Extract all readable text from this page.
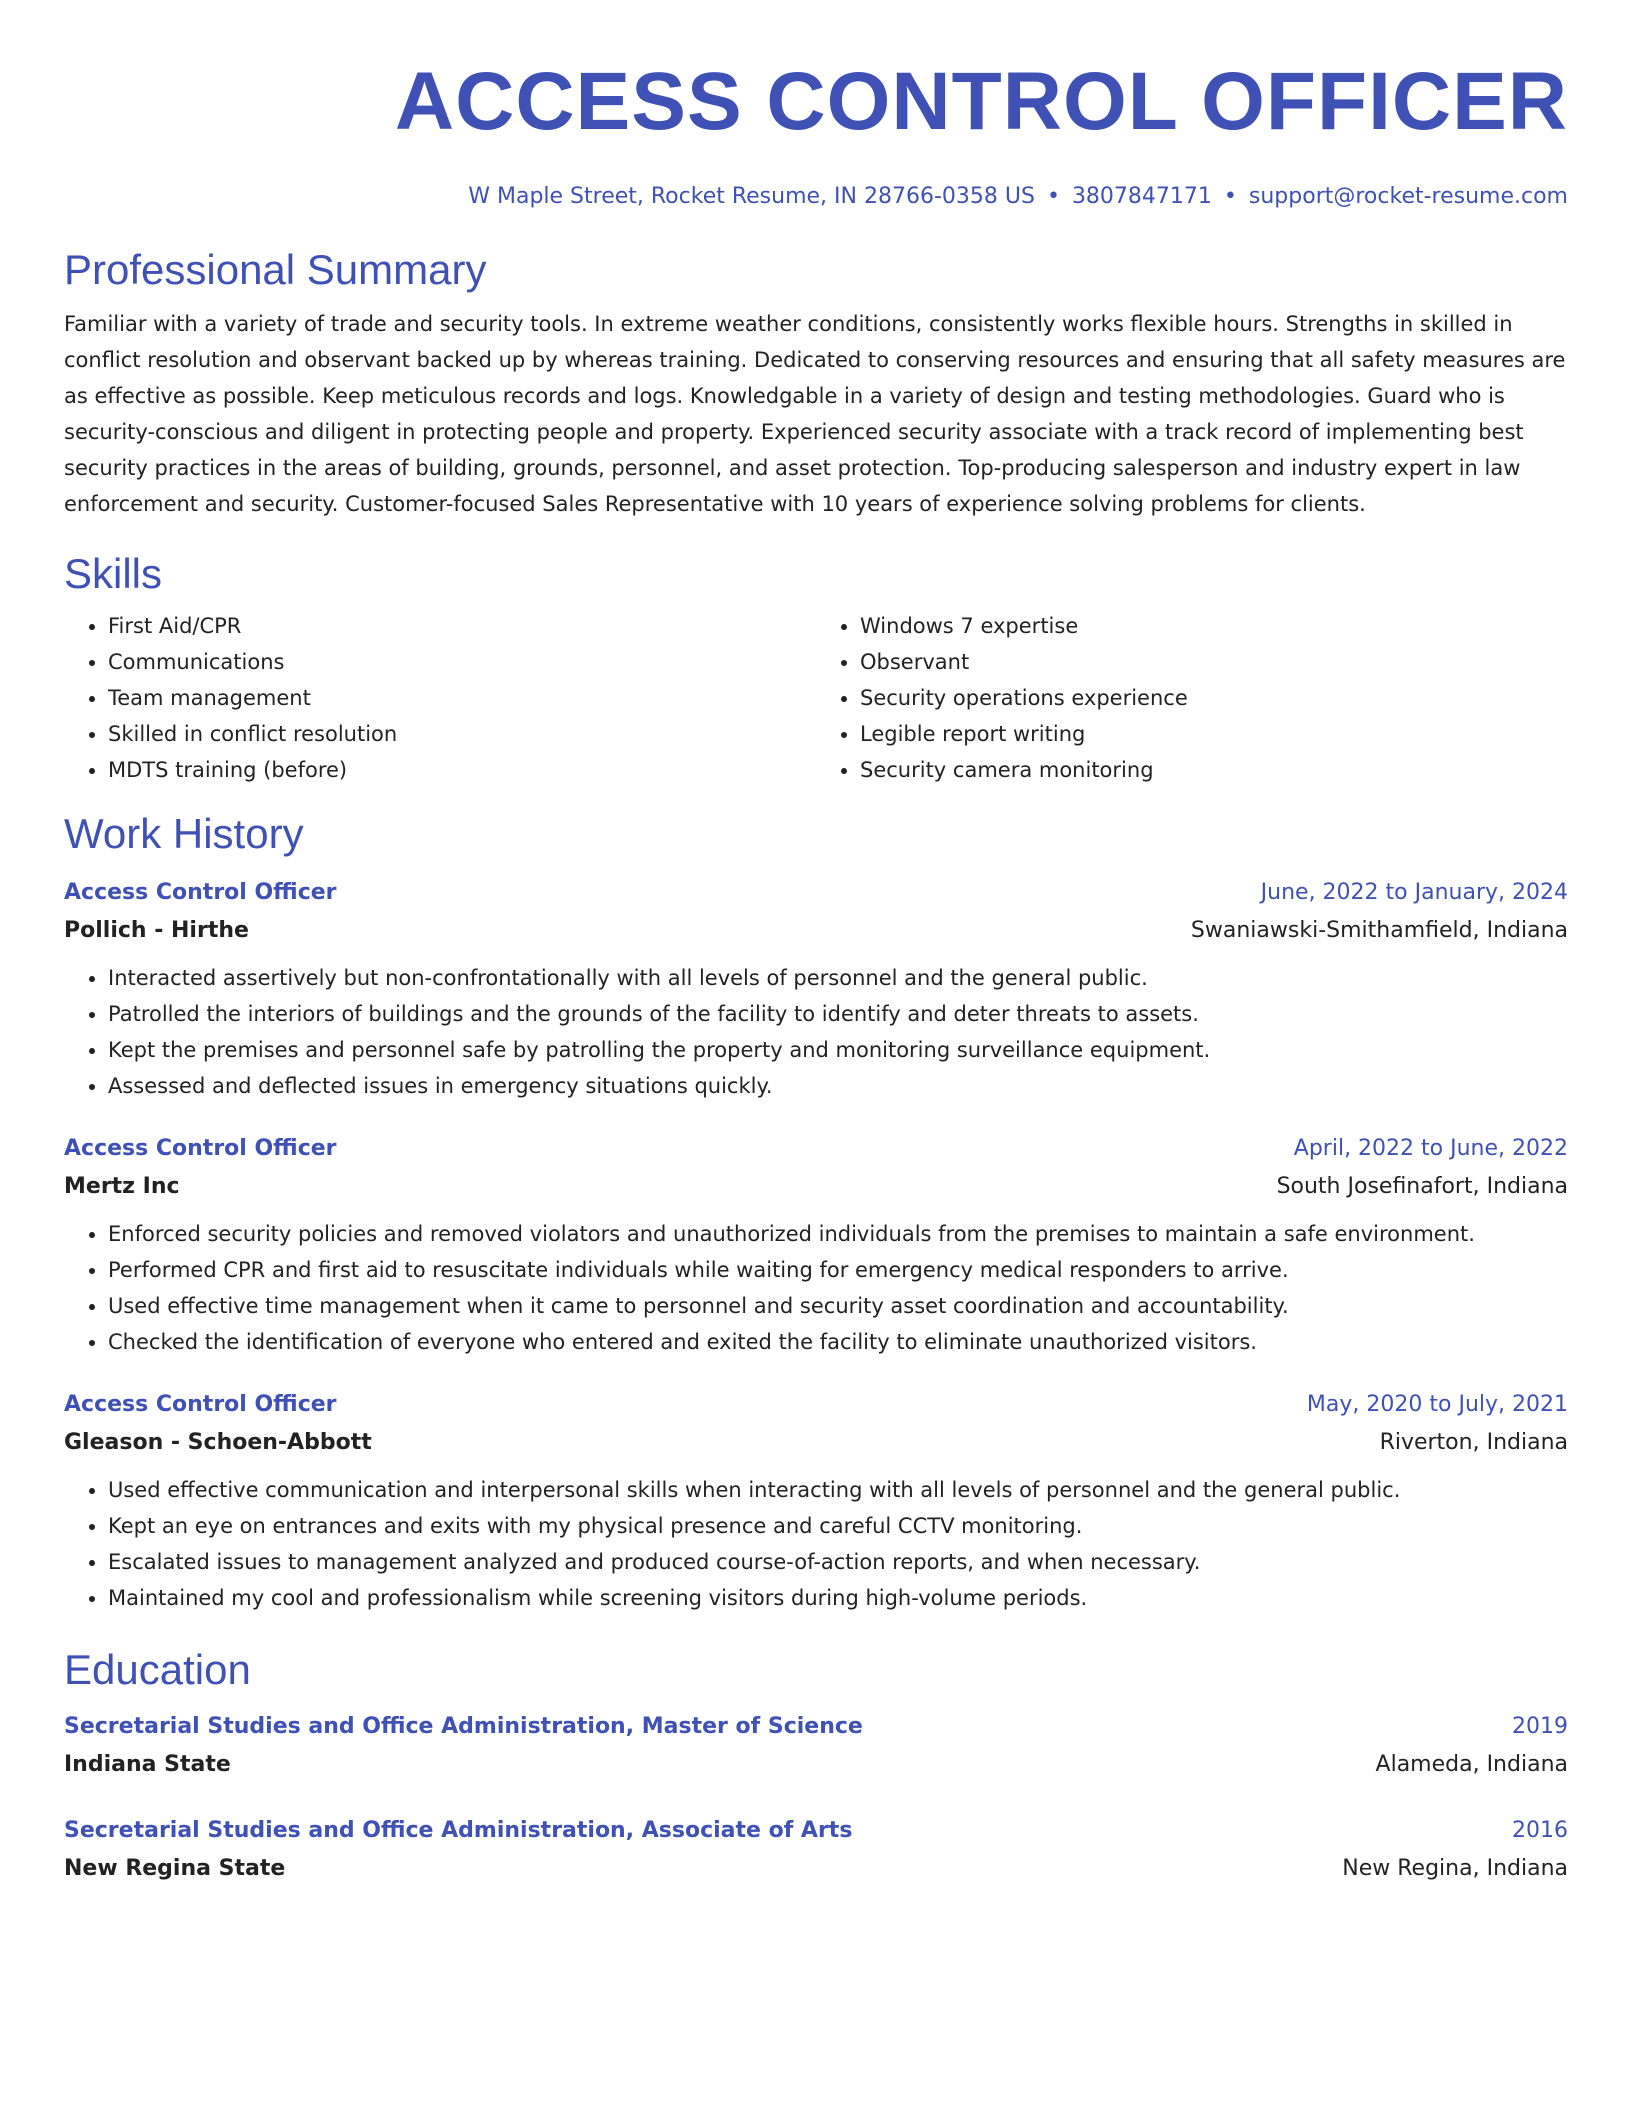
ACCESS CONTROL OFFICER
W Maple Street, Rocket Resume, IN 28766-0358 US • 3807847171 • support@rocket-resume.com
Professional Summary
Familiar with a variety of trade and security tools. In extreme weather conditions, consistently works flexible hours. Strengths in skilled in conflict resolution and observant backed up by whereas training. Dedicated to conserving resources and ensuring that all safety measures are as effective as possible. Keep meticulous records and logs. Knowledgable in a variety of design and testing methodologies. Guard who is security-conscious and diligent in protecting people and property. Experienced security associate with a track record of implementing best security practices in the areas of building, grounds, personnel, and asset protection. Top-producing salesperson and industry expert in law enforcement and security. Customer-focused Sales Representative with 10 years of experience solving problems for clients.
Skills
• First Aid/CPR
• Communications
• Team management
• Skilled in conflict resolution
• MDTS training (before)
• Windows 7 expertise
• Observant
• Security operations experience
• Legible report writing
• Security camera monitoring
Work History
Access Control Officer	June, 2022 to January, 2024
Pollich - Hirthe	Swaniawski-Smithamfield, Indiana
• Interacted assertively but non-confrontationally with all levels of personnel and the general public.
• Patrolled the interiors of buildings and the grounds of the facility to identify and deter threats to assets.
• Kept the premises and personnel safe by patrolling the property and monitoring surveillance equipment.
• Assessed and deflected issues in emergency situations quickly.
Access Control Officer	April, 2022 to June, 2022
Mertz Inc	South Josefinafort, Indiana
• Enforced security policies and removed violators and unauthorized individuals from the premises to maintain a safe environment.
• Performed CPR and first aid to resuscitate individuals while waiting for emergency medical responders to arrive.
• Used effective time management when it came to personnel and security asset coordination and accountability.
• Checked the identification of everyone who entered and exited the facility to eliminate unauthorized visitors.
Access Control Officer	May, 2020 to July, 2021
Gleason - Schoen-Abbott	Riverton, Indiana
• Used effective communication and interpersonal skills when interacting with all levels of personnel and the general public.
• Kept an eye on entrances and exits with my physical presence and careful CCTV monitoring.
• Escalated issues to management analyzed and produced course-of-action reports, and when necessary.
• Maintained my cool and professionalism while screening visitors during high-volume periods.
Education
Secretarial Studies and Office Administration, Master of Science	2019
Indiana State	Alameda, Indiana
Secretarial Studies and Office Administration, Associate of Arts	2016
New Regina State	New Regina, Indiana
